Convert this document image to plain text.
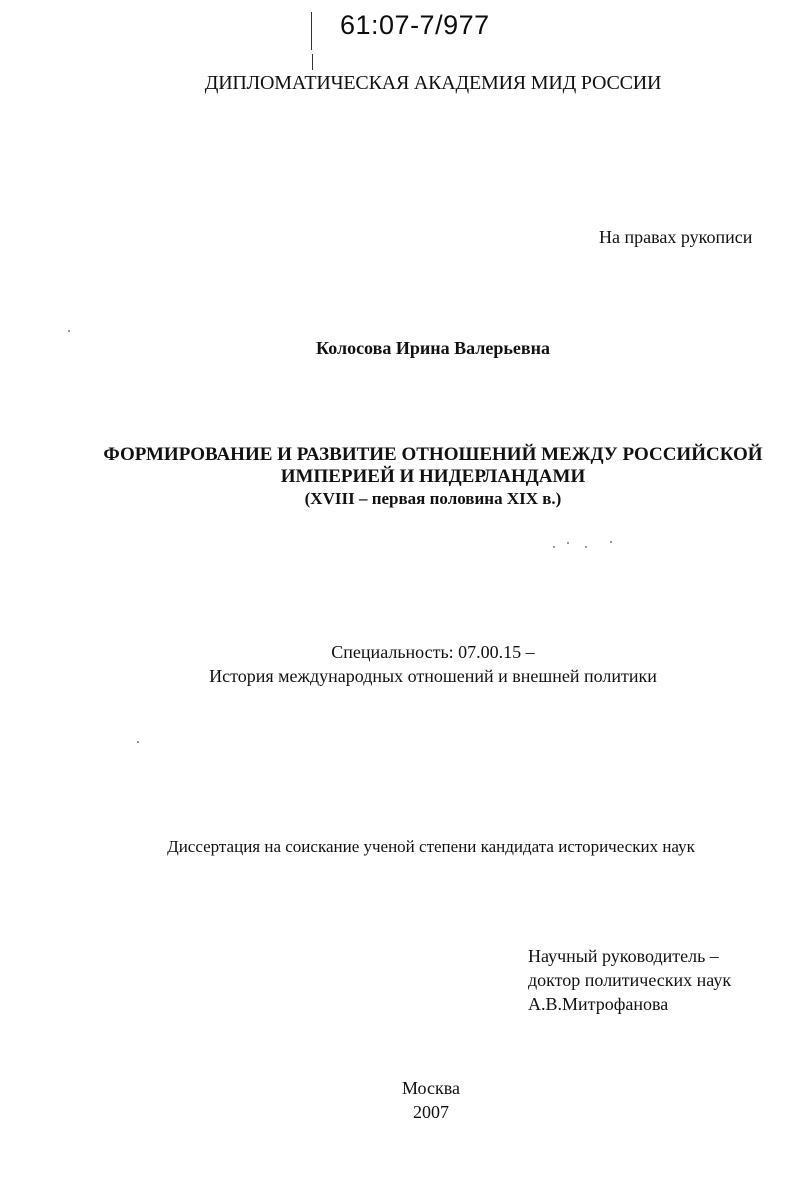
61:07-7/977
ДИПЛОМАТИЧЕСКАЯ АКАДЕМИЯ МИД РОССИИ
На правах рукописи
Колосова Ирина Валерьевна
ФОРМИРОВАНИЕ И РАЗВИТИЕ ОТНОШЕНИЙ МЕЖДУ РОССИЙСКОЙ
ИМПЕРИЕЙ И НИДЕРЛАНДАМИ
(XVIII – первая половина XIX в.)
Специальность: 07.00.15 –
История международных отношений и внешней политики
Диссертация на соискание ученой степени кандидата исторических наук
Научный руководитель –
доктор политических наук
А.В.Митрофанова
Москва
2007
